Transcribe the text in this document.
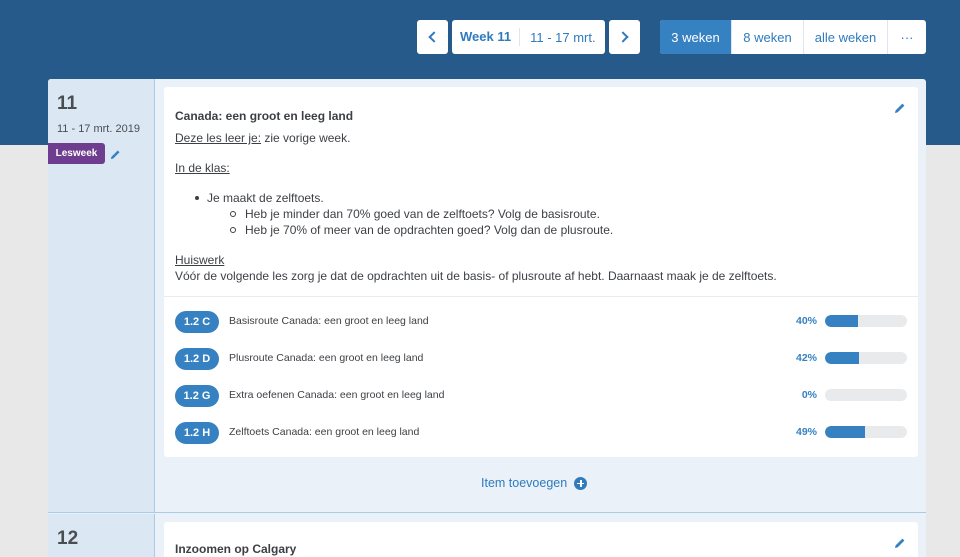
Week 11	11 - 17 mrt.	3 weken	8 weken	alle weken	···
11
11 - 17 mrt. 2019
Lesweek
Canada: een groot en leeg land
Deze les leer je: zie vorige week.
In de klas:
Je maakt de zelftoets.
Heb je minder dan 70% goed van de zelftoets? Volg de basisroute.
Heb je 70% of meer van de opdrachten goed? Volg dan de plusroute.
Huiswerk
Vóór de volgende les zorg je dat de opdrachten uit de basis- of plusroute af hebt. Daarnaast maak je de zelftoets.
1.2 C	Basisroute Canada: een groot en leeg land	40%
1.2 D	Plusroute Canada: een groot en leeg land	42%
1.2 G	Extra oefenen Canada: een groot en leeg land	0%
1.2 H	Zelftoets Canada: een groot en leeg land	49%
Item toevoegen
12	Inzoomen op Calgary
